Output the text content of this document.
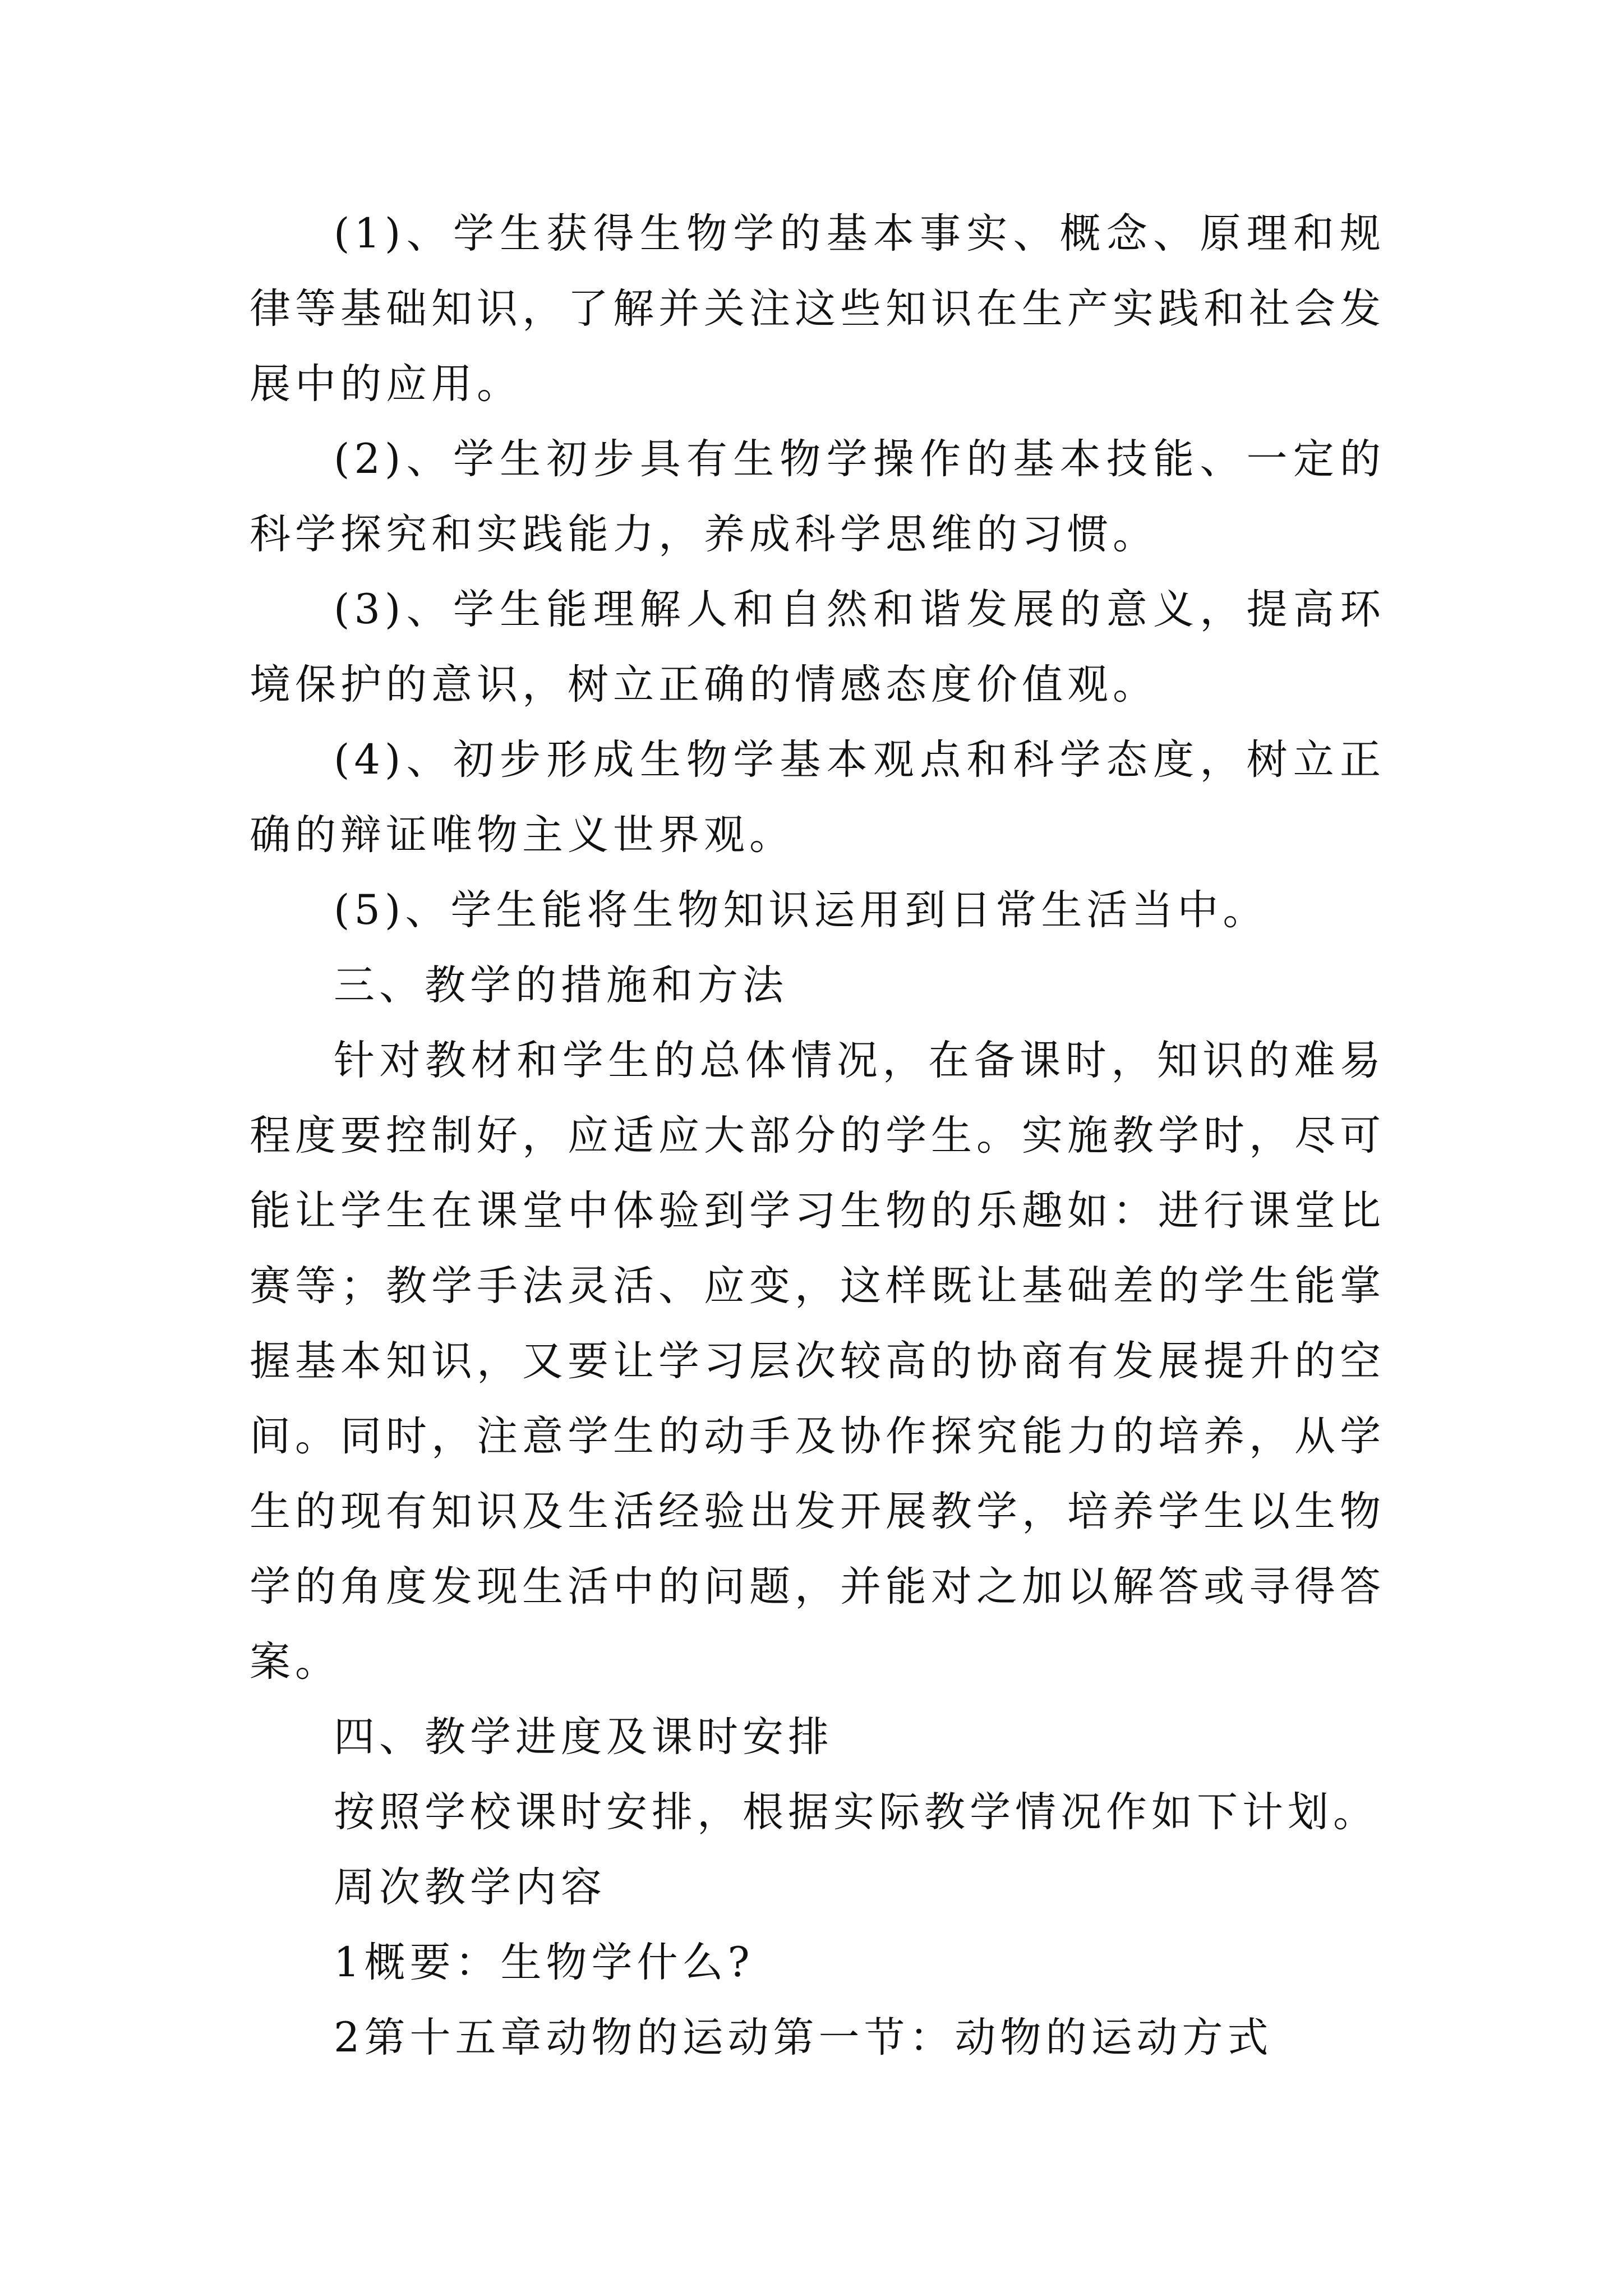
(1)、学生获得生物学的基本事实、概念、原理和规律等基础知识，了解并关注这些知识在生产实践和社会发展中的应用。

(2)、学生初步具有生物学操作的基本技能、一定的科学探究和实践能力，养成科学思维的习惯。

(3)、学生能理解人和自然和谐发展的意义，提高环境保护的意识，树立正确的情感态度价值观。

(4)、初步形成生物学基本观点和科学态度，树立正确的辩证唯物主义世界观。

(5)、学生能将生物知识运用到日常生活当中。

三、教学的措施和方法

针对教材和学生的总体情况，在备课时，知识的难易程度要控制好，应适应大部分的学生。实施教学时，尽可能让学生在课堂中体验到学习生物的乐趣如：进行课堂比赛等；教学手法灵活、应变，这样既让基础差的学生能掌握基本知识，又要让学习层次较高的协商有发展提升的空间。同时，注意学生的动手及协作探究能力的培养，从学生的现有知识及生活经验出发开展教学，培养学生以生物学的角度发现生活中的问题，并能对之加以解答或寻得答案。

四、教学进度及课时安排

按照学校课时安排，根据实际教学情况作如下计划。

周次教学内容

1概要：生物学什么?

2第十五章动物的运动第一节：动物的运动方式
